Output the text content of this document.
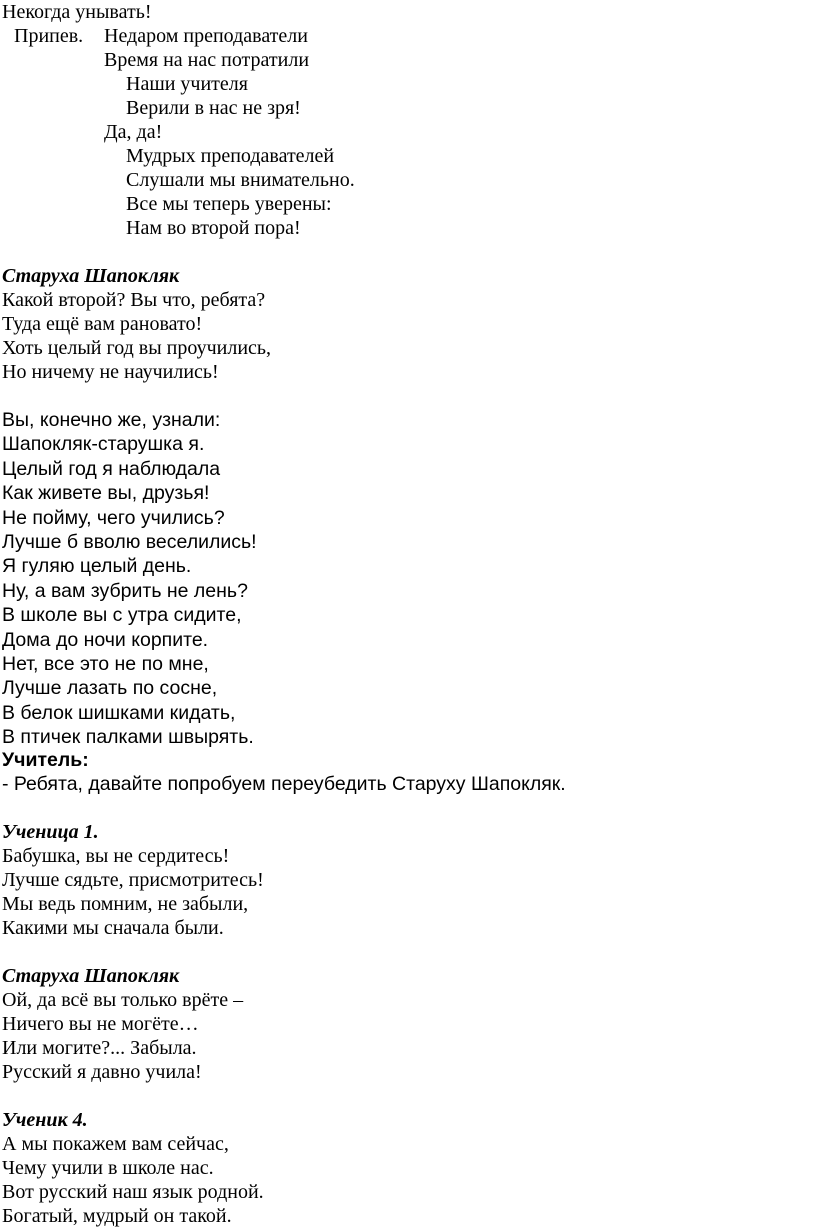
Некогда унывать!
Припев. Недаром преподаватели
Время на нас потратили
Наши учителя
Верили в нас не зря!
Да, да!
Мудрых преподавателей
Слушали мы внимательно.
Все мы теперь уверены:
Нам во второй пора!
Старуха Шапокляк
Какой второй? Вы что, ребята?
Туда ещё вам рановато!
Хоть целый год вы проучились,
Но ничему не научились!
Вы, конечно же, узнали:
Шапокляк-старушка я.
Целый год я наблюдала
Как живете вы, друзья!
Не пойму, чего учились?
Лучше б вволю веселились!
Я гуляю целый день.
Ну, а вам зубрить не лень?
В школе вы с утра сидите,
Дома до ночи корпите.
Нет, все это не по мне,
Лучше лазать по сосне,
В белок шишками кидать,
В птичек палками швырять.
Учитель:
- Ребята, давайте попробуем переубедить Старуху Шапокляк.
Ученица 1.
Бабушка, вы не сердитесь!
Лучше сядьте, присмотритесь!
Мы ведь помним, не забыли,
Какими мы сначала были.
Старуха Шапокляк
Ой, да всё вы только врёте –
Ничего вы не могёте…
Или могите?... Забыла.
Русский я давно учила!
Ученик 4.
А мы покажем вам сейчас,
Чему учили в школе нас.
Вот русский наш язык родной.
Богатый, мудрый он такой.
